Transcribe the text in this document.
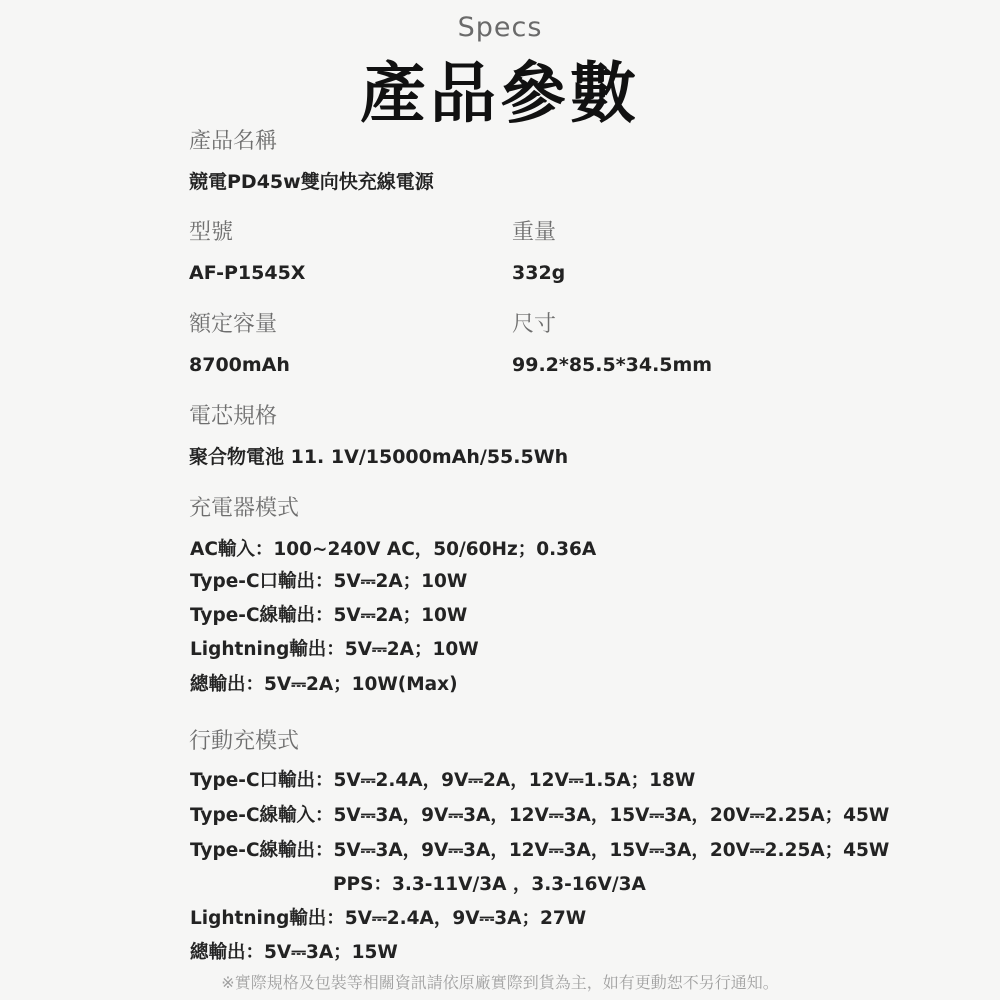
Specs
產品參數
產品名稱
競電PD45w雙向快充線電源
型號
AF-P1545X
重量
332g
額定容量
8700mAh
尺寸
99.2*85.5*34.5mm
電芯規格
聚合物電池 11. 1V/15000mAh/55.5Wh
充電器模式
AC輸入：100~240V AC，50/60Hz；0.36A
Type-C口輸出：5V⎓2A；10W
Type-C線輸出：5V⎓2A；10W
Lightning輸出：5V⎓2A；10W
總輸出：5V⎓2A；10W(Max)
行動充模式
Type-C口輸出：5V⎓2.4A，9V⎓2A，12V⎓1.5A；18W
Type-C線輸入：5V⎓3A，9V⎓3A，12V⎓3A，15V⎓3A，20V⎓2.25A；45W
Type-C線輸出：5V⎓3A，9V⎓3A，12V⎓3A，15V⎓3A，20V⎓2.25A；45W
PPS：3.3-11V/3A ，3.3-16V/3A
Lightning輸出：5V⎓2.4A，9V⎓3A；27W
總輸出：5V⎓3A；15W
※實際規格及包裝等相關資訊請依原廠實際到貨為主，如有更動恕不另行通知。
